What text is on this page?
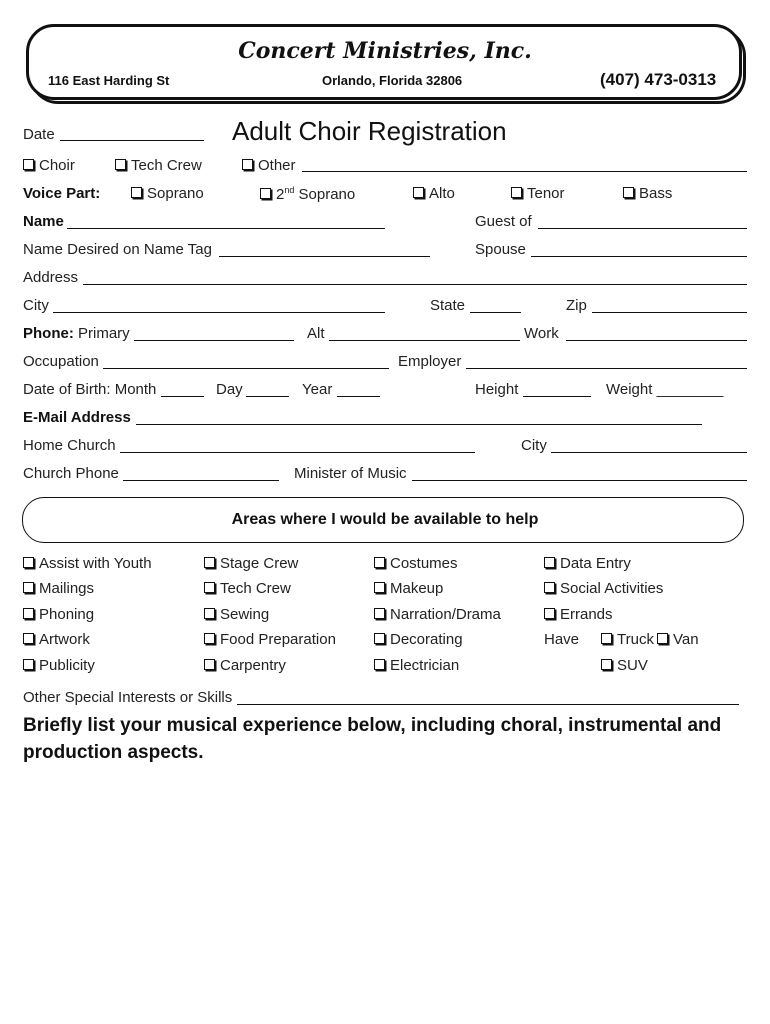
Concert Ministries, Inc.
116 East Harding St	Orlando, Florida 32806	(407) 473-0313
Date	Adult Choir Registration
Choir	Tech Crew	Other
Voice Part:	Soprano	2nd Soprano	Alto	Tenor	Bass
Name	Guest of
Name Desired on Name Tag	Spouse
Address
City	State	Zip
Phone: Primary	Alt	Work
Occupation	Employer
Date of Birth: Month	Day	Year	Height	Weight ________
E-Mail Address
Home Church	City
Church Phone	Minister of Music
Areas where I would be available to help
Assist with Youth
Mailings
Phoning
Artwork
Publicity
Stage Crew
Tech Crew
Sewing
Food Preparation
Carpentry
Costumes
Makeup
Narration/Drama
Decorating
Electrician
Data Entry
Social Activities
Errands
Have	Truck	Van
SUV
Other Special Interests or Skills
Briefly list your musical experience below, including choral, instrumental and production aspects.
